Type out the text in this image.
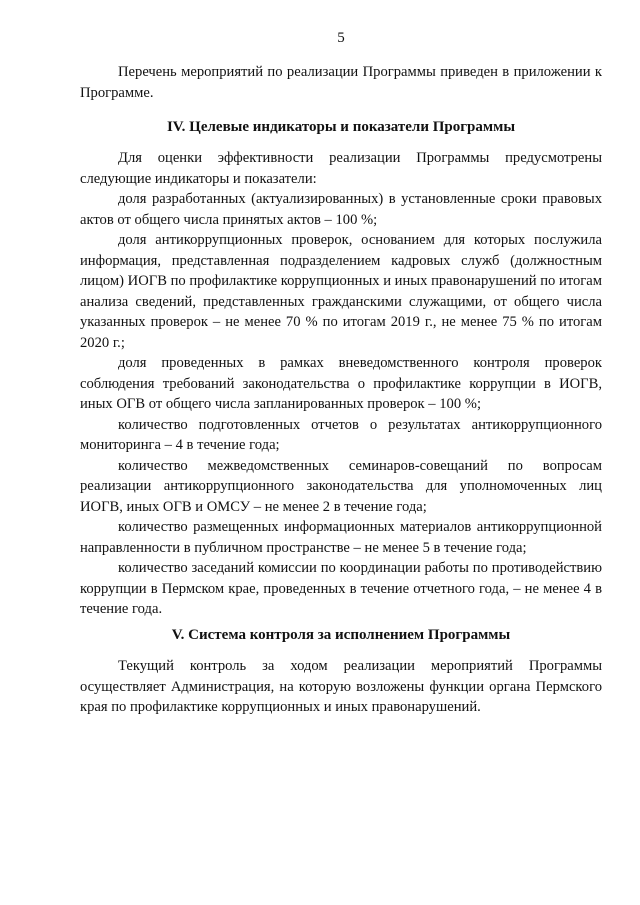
5

Перечень мероприятий по реализации Программы приведен в приложении к Программе.

IV. Целевые индикаторы и показатели Программы

Для оценки эффективности реализации Программы предусмотрены следующие индикаторы и показатели:

доля разработанных (актуализированных) в установленные сроки правовых актов от общего числа принятых актов – 100 %;

доля антикоррупционных проверок, основанием для которых послужила информация, представленная подразделением кадровых служб (должностным лицом) ИОГВ по профилактике коррупционных и иных правонарушений по итогам анализа сведений, представленных гражданскими служащими, от общего числа указанных проверок – не менее 70 % по итогам 2019 г., не менее 75 % по итогам 2020 г.;

доля проведенных в рамках вневедомственного контроля проверок соблюдения требований законодательства о профилактике коррупции в ИОГВ, иных ОГВ от общего числа запланированных проверок – 100 %;

количество подготовленных отчетов о результатах антикоррупционного мониторинга – 4 в течение года;

количество межведомственных семинаров-совещаний по вопросам реализации антикоррупционного законодательства для уполномоченных лиц ИОГВ, иных ОГВ и ОМСУ – не менее 2 в течение года;

количество размещенных информационных материалов антикоррупционной направленности в публичном пространстве – не менее 5 в течение года;

количество заседаний комиссии по координации работы по противодействию коррупции в Пермском крае, проведенных в течение отчетного года, – не менее 4 в течение года.

V. Система контроля за исполнением Программы

Текущий контроль за ходом реализации мероприятий Программы осуществляет Администрация, на которую возложены функции органа Пермского края по профилактике коррупционных и иных правонарушений.
